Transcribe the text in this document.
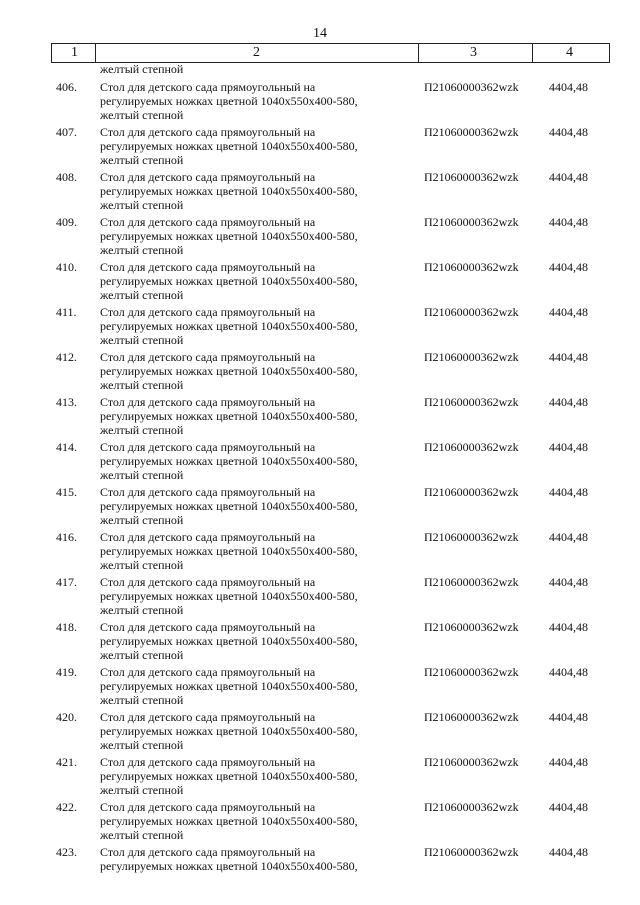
14
1	2	3	4
желтый степной
406. Стол для детского сада прямоугольный на
регулируемых ножках цветной 1040х550х400-580,
желтый степной
П21060000362wzk	4404,48
407. Стол для детского сада прямоугольный на
регулируемых ножках цветной 1040х550х400-580,
желтый степной
П21060000362wzk	4404,48
408. Стол для детского сада прямоугольный на
регулируемых ножках цветной 1040х550х400-580,
желтый степной
П21060000362wzk	4404,48
409. Стол для детского сада прямоугольный на
регулируемых ножках цветной 1040х550х400-580,
желтый степной
П21060000362wzk	4404,48
410. Стол для детского сада прямоугольный на
регулируемых ножках цветной 1040х550х400-580,
желтый степной
П21060000362wzk	4404,48
411. Стол для детского сада прямоугольный на
регулируемых ножках цветной 1040х550х400-580,
желтый степной
П21060000362wzk	4404,48
412. Стол для детского сада прямоугольный на
регулируемых ножках цветной 1040х550х400-580,
желтый степной
П21060000362wzk	4404,48
413. Стол для детского сада прямоугольный на
регулируемых ножках цветной 1040х550х400-580,
желтый степной
П21060000362wzk	4404,48
414. Стол для детского сада прямоугольный на
регулируемых ножках цветной 1040х550х400-580,
желтый степной
П21060000362wzk	4404,48
415. Стол для детского сада прямоугольный на
регулируемых ножках цветной 1040х550х400-580,
желтый степной
П21060000362wzk	4404,48
416. Стол для детского сада прямоугольный на
регулируемых ножках цветной 1040х550х400-580,
желтый степной
П21060000362wzk	4404,48
417. Стол для детского сада прямоугольный на
регулируемых ножках цветной 1040х550х400-580,
желтый степной
П21060000362wzk	4404,48
418. Стол для детского сада прямоугольный на
регулируемых ножках цветной 1040х550х400-580,
желтый степной
П21060000362wzk	4404,48
419. Стол для детского сада прямоугольный на
регулируемых ножках цветной 1040х550х400-580,
желтый степной
П21060000362wzk	4404,48
420. Стол для детского сада прямоугольный на
регулируемых ножках цветной 1040х550х400-580,
желтый степной
П21060000362wzk	4404,48
421. Стол для детского сада прямоугольный на
регулируемых ножках цветной 1040х550х400-580,
желтый степной
П21060000362wzk	4404,48
422. Стол для детского сада прямоугольный на
регулируемых ножках цветной 1040х550х400-580,
желтый степной
П21060000362wzk	4404,48
423. Стол для детского сада прямоугольный на
регулируемых ножках цветной 1040х550х400-580,
П21060000362wzk	4404,48
